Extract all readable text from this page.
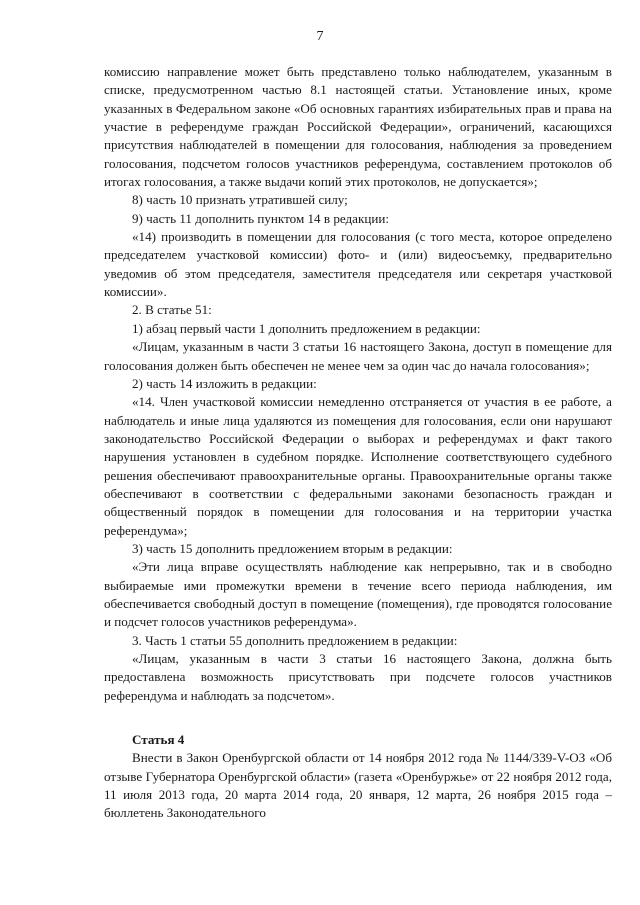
7

комиссию направление может быть представлено только наблюдателем, указанным в списке, предусмотренном частью 8.1 настоящей статьи. Установление иных, кроме указанных в Федеральном законе «Об основных гарантиях избирательных прав и права на участие в референдуме граждан Российской Федерации», ограничений, касающихся присутствия наблюдателей в помещении для голосования, наблюдения за проведением голосования, подсчетом голосов участников референдума, составлением протоколов об итогах голосования, а также выдачи копий этих протоколов, не допускается»;

8) часть 10 признать утратившей силу;

9) часть 11 дополнить пунктом 14 в редакции:

«14) производить в помещении для голосования (с того места, которое определено председателем участковой комиссии) фото- и (или) видеосъемку, предварительно уведомив об этом председателя, заместителя председателя или секретаря участковой комиссии».

2. В статье 51:

1) абзац первый части 1 дополнить предложением в редакции:

«Лицам, указанным в части 3 статьи 16 настоящего Закона, доступ в помещение для голосования должен быть обеспечен не менее чем за один час до начала голосования»;

2) часть 14 изложить в редакции:

«14. Член участковой комиссии немедленно отстраняется от участия в ее работе, а наблюдатель и иные лица удаляются из помещения для голосования, если они нарушают законодательство Российской Федерации о выборах и референдумах и факт такого нарушения установлен в судебном порядке. Исполнение соответствующего судебного решения обеспечивают правоохранительные органы. Правоохранительные органы также обеспечивают в соответствии с федеральными законами безопасность граждан и общественный порядок в помещении для голосования и на территории участка референдума»;

3) часть 15 дополнить предложением вторым в редакции:

«Эти лица вправе осуществлять наблюдение как непрерывно, так и в свободно выбираемые ими промежутки времени в течение всего периода наблюдения, им обеспечивается свободный доступ в помещение (помещения), где проводятся голосование и подсчет голосов участников референдума».

3. Часть 1 статьи 55 дополнить предложением в редакции:

«Лицам, указанным в части 3 статьи 16 настоящего Закона, должна быть предоставлена возможность присутствовать при подсчете голосов участников референдума и наблюдать за подсчетом».

Статья 4

Внести в Закон Оренбургской области от 14 ноября 2012 года № 1144/339-V-ОЗ «Об отзыве Губернатора Оренбургской области» (газета «Оренбуржье» от 22 ноября 2012 года, 11 июля 2013 года, 20 марта 2014 года, 20 января, 12 марта, 26 ноября 2015 года – бюллетень Законодательного
